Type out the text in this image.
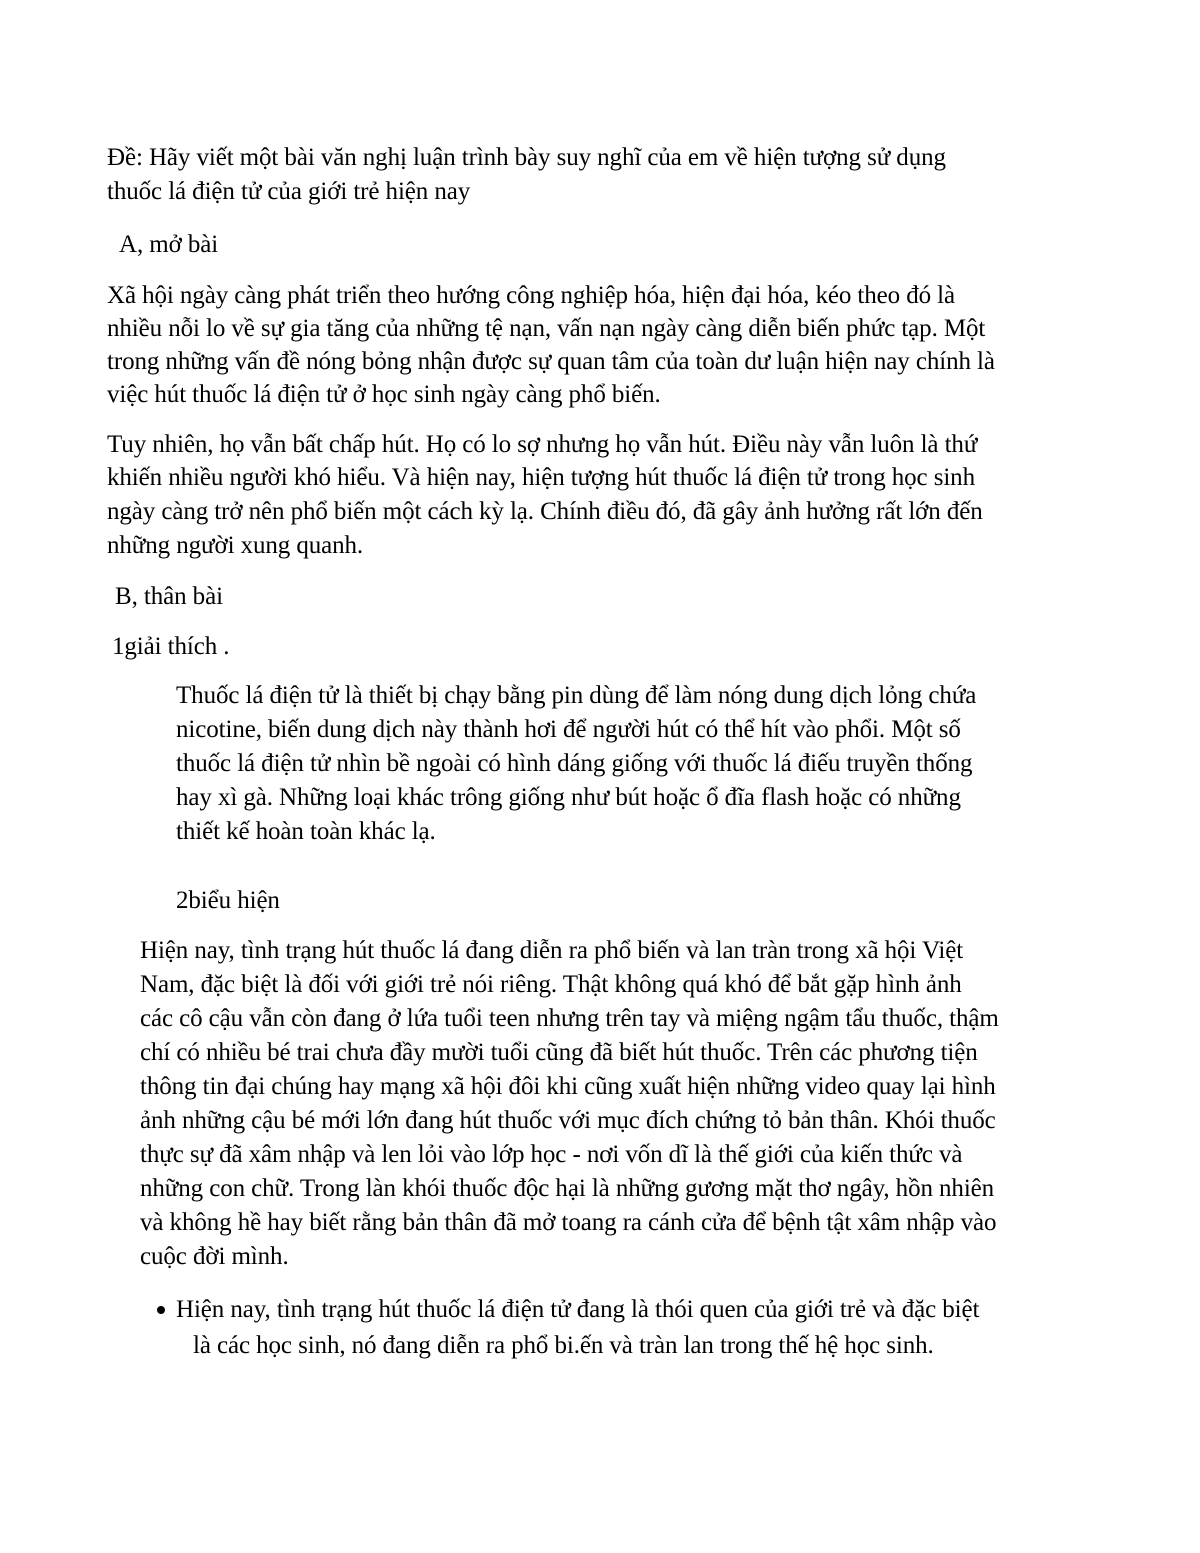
Đề: Hãy viết một bài văn nghị luận trình bày suy nghĩ của em về hiện tượng sử dụng
thuốc lá điện tử của giới trẻ hiện nay
A, mở bài
Xã hội ngày càng phát triển theo hướng công nghiệp hóa, hiện đại hóa, kéo theo đó là
nhiều nỗi lo về sự gia tăng của những tệ nạn, vấn nạn ngày càng diễn biến phức tạp. Một
trong những vấn đề nóng bỏng nhận được sự quan tâm của toàn dư luận hiện nay chính là
việc hút thuốc lá điện tử ở học sinh ngày càng phổ biến.
Tuy nhiên, họ vẫn bất chấp hút. Họ có lo sợ nhưng họ vẫn hút. Điều này vẫn luôn là thứ
khiến nhiều người khó hiểu. Và hiện nay, hiện tượng hút thuốc lá điện tử trong học sinh
ngày càng trở nên phổ biến một cách kỳ lạ. Chính điều đó, đã gây ảnh hưởng rất lớn đến
những người xung quanh.
B, thân bài
1giải thích .
Thuốc lá điện tử là thiết bị chạy bằng pin dùng để làm nóng dung dịch lỏng chứa
nicotine, biến dung dịch này thành hơi để người hút có thể hít vào phổi. Một số
thuốc lá điện tử nhìn bề ngoài có hình dáng giống với thuốc lá điếu truyền thống
hay xì gà. Những loại khác trông giống như bút hoặc ổ đĩa flash hoặc có những
thiết kế hoàn toàn khác lạ.
2biểu hiện
Hiện nay, tình trạng hút thuốc lá đang diễn ra phổ biến và lan tràn trong xã hội Việt
Nam, đặc biệt là đối với giới trẻ nói riêng. Thật không quá khó để bắt gặp hình ảnh
các cô cậu vẫn còn đang ở lứa tuổi teen nhưng trên tay và miệng ngậm tẩu thuốc, thậm
chí có nhiều bé trai chưa đầy mười tuổi cũng đã biết hút thuốc. Trên các phương tiện
thông tin đại chúng hay mạng xã hội đôi khi cũng xuất hiện những video quay lại hình
ảnh những cậu bé mới lớn đang hút thuốc với mục đích chứng tỏ bản thân. Khói thuốc
thực sự đã xâm nhập và len lỏi vào lớp học - nơi vốn dĩ là thế giới của kiến thức và
những con chữ. Trong làn khói thuốc độc hại là những gương mặt thơ ngây, hồn nhiên
và không hề hay biết rằng bản thân đã mở toang ra cánh cửa để bệnh tật xâm nhập vào
cuộc đời mình.
Hiện nay, tình trạng hút thuốc lá điện tử đang là thói quen của giới trẻ và đặc biệt
là các học sinh, nó đang diễn ra phổ bi.ến và tràn lan trong thế hệ học sinh.
